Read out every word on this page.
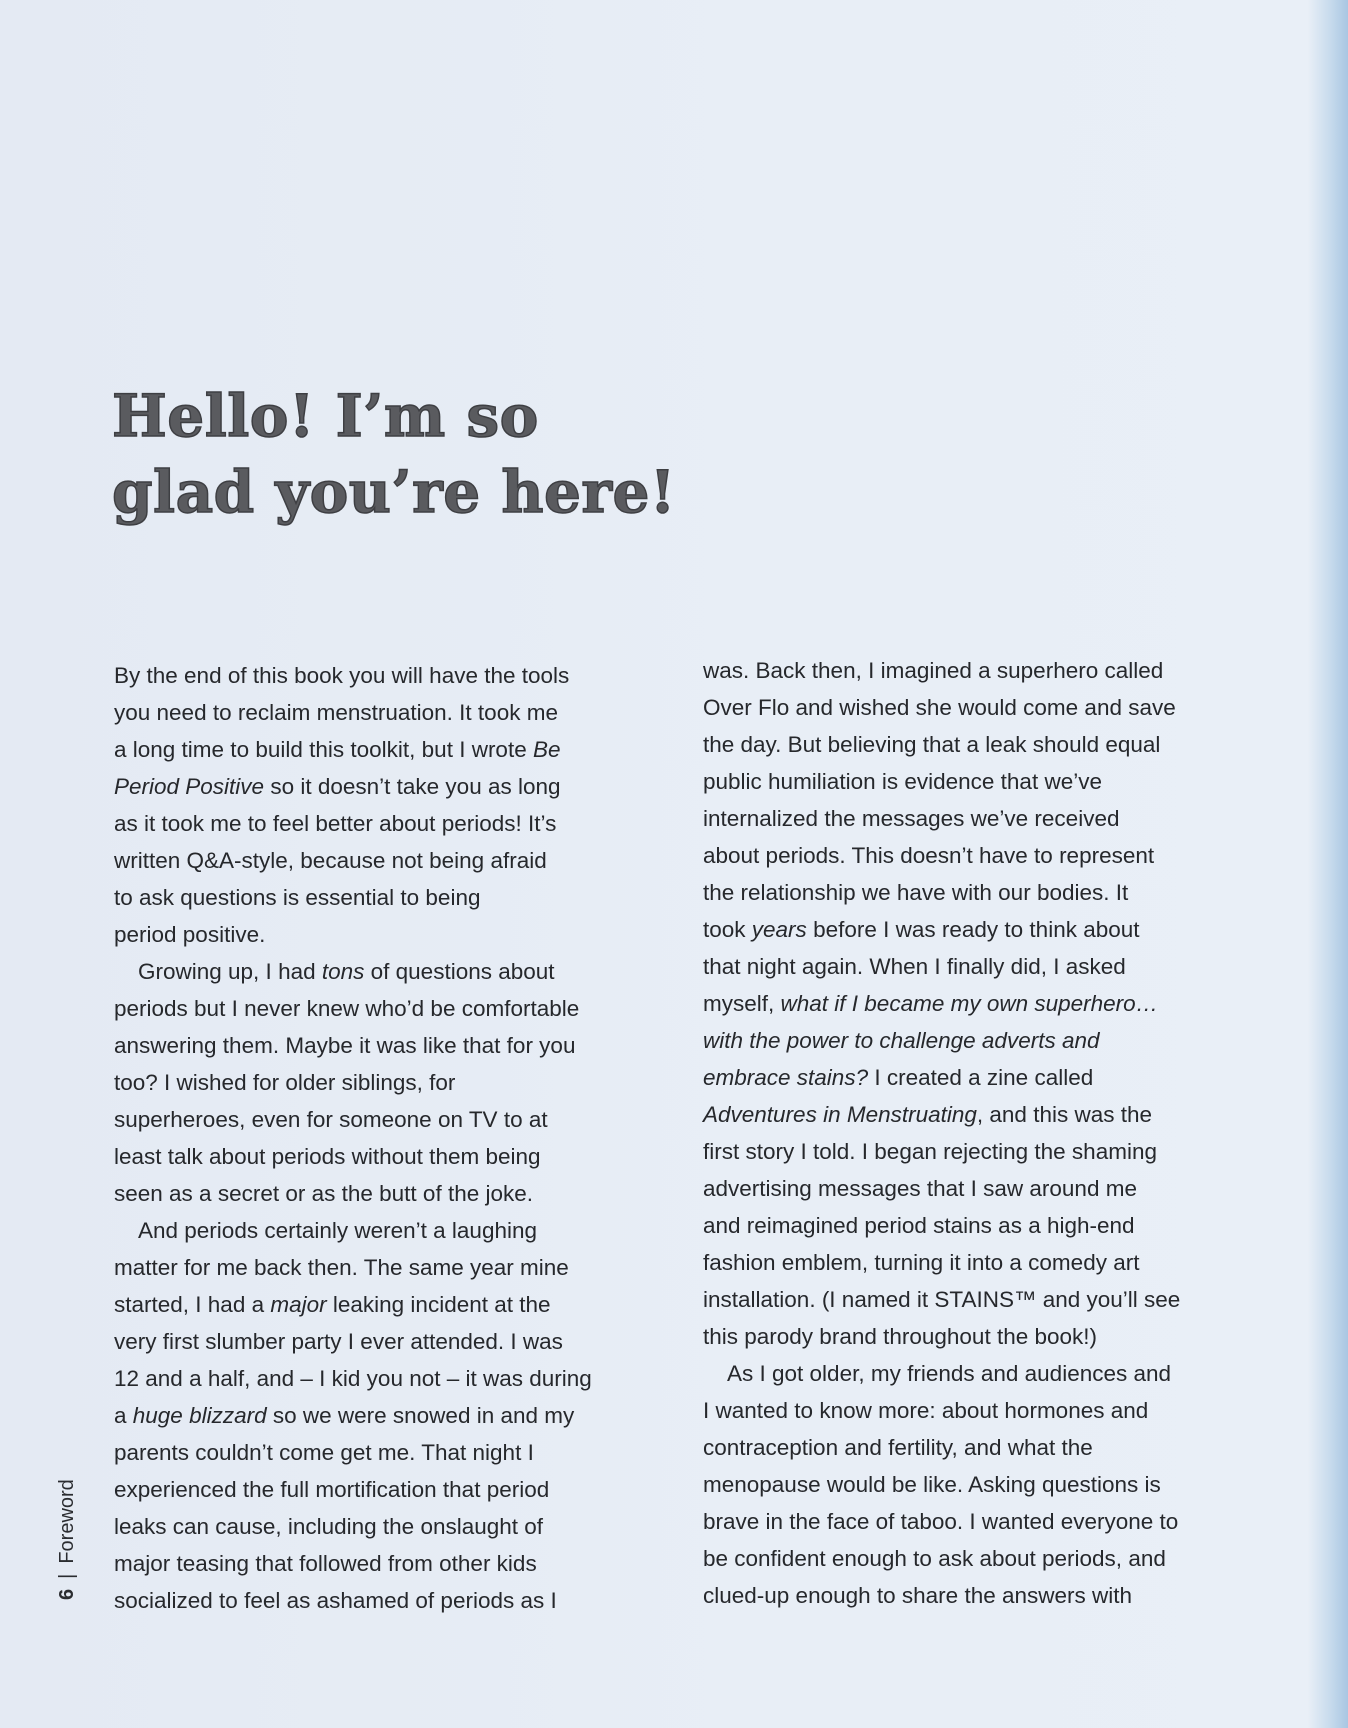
Hello! I’m so
glad you’re here!
By the end of this book you will have the tools
you need to reclaim menstruation. It took me
a long time to build this toolkit, but I wrote Be
Period Positive so it doesn’t take you as long
as it took me to feel better about periods! It’s
written Q&A-style, because not being afraid
to ask questions is essential to being
period positive.
Growing up, I had tons of questions about
periods but I never knew who’d be comfortable
answering them. Maybe it was like that for you
too? I wished for older siblings, for
superheroes, even for someone on TV to at
least talk about periods without them being
seen as a secret or as the butt of the joke.
And periods certainly weren’t a laughing
matter for me back then. The same year mine
started, I had a major leaking incident at the
very first slumber party I ever attended. I was
12 and a half, and – I kid you not – it was during
a huge blizzard so we were snowed in and my
parents couldn’t come get me. That night I
experienced the full mortification that period
leaks can cause, including the onslaught of
major teasing that followed from other kids
socialized to feel as ashamed of periods as I
was. Back then, I imagined a superhero called
Over Flo and wished she would come and save
the day. But believing that a leak should equal
public humiliation is evidence that we’ve
internalized the messages we’ve received
about periods. This doesn’t have to represent
the relationship we have with our bodies. It
took years before I was ready to think about
that night again. When I finally did, I asked
myself, what if I became my own superhero…
with the power to challenge adverts and
embrace stains? I created a zine called
Adventures in Menstruating, and this was the
first story I told. I began rejecting the shaming
advertising messages that I saw around me
and reimagined period stains as a high-end
fashion emblem, turning it into a comedy art
installation. (I named it STAINS™ and you’ll see
this parody brand throughout the book!)
As I got older, my friends and audiences and
I wanted to know more: about hormones and
contraception and fertility, and what the
menopause would be like. Asking questions is
brave in the face of taboo. I wanted everyone to
be confident enough to ask about periods, and
clued-up enough to share the answers with
6|Foreword
